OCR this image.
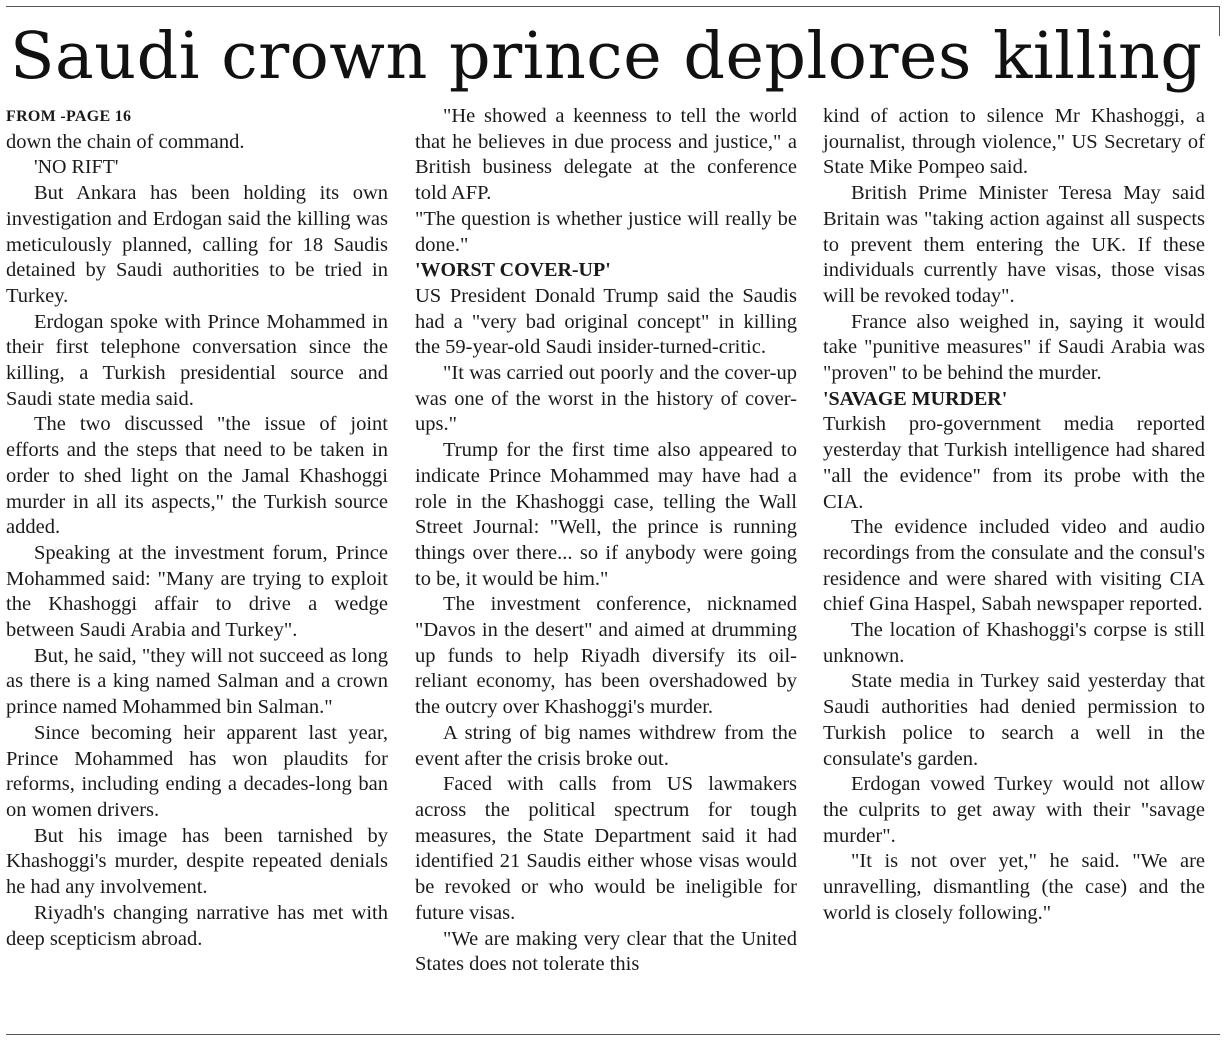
Saudi crown prince deplores killing

FROM -PAGE 16

down the chain of command.

'NO RIFT'

But Ankara has been holding its own investigation and Erdogan said the killing was meticulously planned, calling for 18 Saudis detained by Saudi authorities to be tried in Turkey.

Erdogan spoke with Prince Mohammed in their first telephone conversation since the killing, a Turkish presidential source and Saudi state media said.

The two discussed "the issue of joint efforts and the steps that need to be taken in order to shed light on the Jamal Khashoggi murder in all its aspects," the Turkish source added.

Speaking at the investment forum, Prince Mohammed said: "Many are trying to exploit the Khashoggi affair to drive a wedge between Saudi Arabia and Turkey".

But, he said, "they will not succeed as long as there is a king named Salman and a crown prince named Mohammed bin Salman."

Since becoming heir apparent last year, Prince Mohammed has won plaudits for reforms, including ending a decades-long ban on women drivers.

But his image has been tarnished by Khashoggi's murder, despite repeated denials he had any involvement.

Riyadh's changing narrative has met with deep scepticism abroad.

"He showed a keenness to tell the world that he believes in due process and justice," a British business delegate at the conference told AFP.

"The question is whether justice will really be done."

'WORST COVER-UP'

US President Donald Trump said the Saudis had a "very bad original concept" in killing the 59-year-old Saudi insider-turned-critic.

"It was carried out poorly and the cover-up was one of the worst in the history of cover-ups."

Trump for the first time also appeared to indicate Prince Mohammed may have had a role in the Khashoggi case, telling the Wall Street Journal: "Well, the prince is running things over there... so if anybody were going to be, it would be him."

The investment conference, nicknamed "Davos in the desert" and aimed at drumming up funds to help Riyadh diversify its oil-reliant economy, has been overshadowed by the outcry over Khashoggi's murder.

A string of big names withdrew from the event after the crisis broke out.

Faced with calls from US lawmakers across the political spectrum for tough measures, the State Department said it had identified 21 Saudis either whose visas would be revoked or who would be ineligible for future visas.

"We are making very clear that the United States does not tolerate this

kind of action to silence Mr Khashoggi, a journalist, through violence," US Secretary of State Mike Pompeo said.

British Prime Minister Teresa May said Britain was "taking action against all suspects to prevent them entering the UK. If these individuals currently have visas, those visas will be revoked today".

France also weighed in, saying it would take "punitive measures" if Saudi Arabia was "proven" to be behind the murder.

'SAVAGE MURDER'

Turkish pro-government media reported yesterday that Turkish intelligence had shared "all the evidence" from its probe with the CIA.

The evidence included video and audio recordings from the consulate and the consul's residence and were shared with visiting CIA chief Gina Haspel, Sabah newspaper reported.

The location of Khashoggi's corpse is still unknown.

State media in Turkey said yesterday that Saudi authorities had denied permission to Turkish police to search a well in the consulate's garden.

Erdogan vowed Turkey would not allow the culprits to get away with their "savage murder".

"It is not over yet," he said. "We are unravelling, dismantling (the case) and the world is closely following."
